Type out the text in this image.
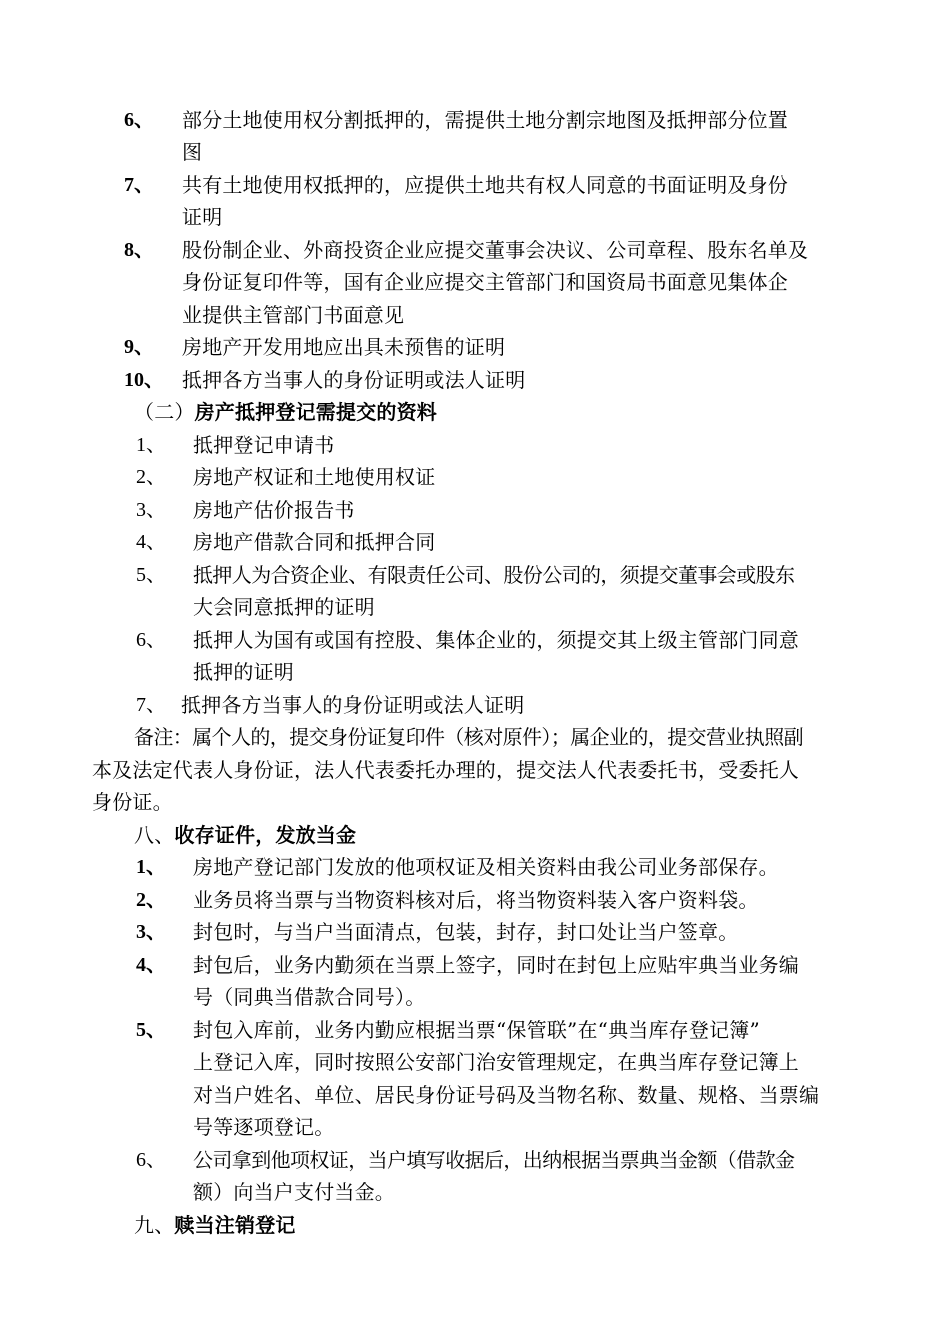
6、 部分土地使用权分割抵押的，需提供土地分割宗地图及抵押部分位置
图
7、 共有土地使用权抵押的，应提供土地共有权人同意的书面证明及身份
证明
8、 股份制企业、外商投资企业应提交董事会决议、公司章程、股东名单及
身份证复印件等，国有企业应提交主管部门和国资局书面意见集体企
业提供主管部门书面意见
9、 房地产开发用地应出具未预售的证明
10、 抵押各方当事人的身份证明或法人证明
（二）房产抵押登记需提交的资料
1、 抵押登记申请书
2、 房地产权证和土地使用权证
3、 房地产估价报告书
4、 房地产借款合同和抵押合同
5、 抵押人为合资企业、有限责任公司、股份公司的，须提交董事会或股东
大会同意抵押的证明
6、 抵押人为国有或国有控股、集体企业的，须提交其上级主管部门同意
抵押的证明
7、 抵押各方当事人的身份证明或法人证明
备注：属个人的，提交身份证复印件（核对原件）；属企业的，提交营业执照副
本及法定代表人身份证，法人代表委托办理的，提交法人代表委托书，受委托人
身份证。
八、收存证件，发放当金
1、 房地产登记部门发放的他项权证及相关资料由我公司业务部保存。
2、 业务员将当票与当物资料核对后，将当物资料装入客户资料袋。
3、 封包时，与当户当面清点，包装，封存，封口处让当户签章。
4、 封包后，业务内勤须在当票上签字，同时在封包上应贴牢典当业务编
号（同典当借款合同号）。
5、 封包入库前，业务内勤应根据当票“保管联”在“典当库存登记簿”
上登记入库，同时按照公安部门治安管理规定，在典当库存登记簿上
对当户姓名、单位、居民身份证号码及当物名称、数量、规格、当票编
号等逐项登记。
6、 公司拿到他项权证，当户填写收据后，出纳根据当票典当金额（借款金
额）向当户支付当金。
九、赎当注销登记
